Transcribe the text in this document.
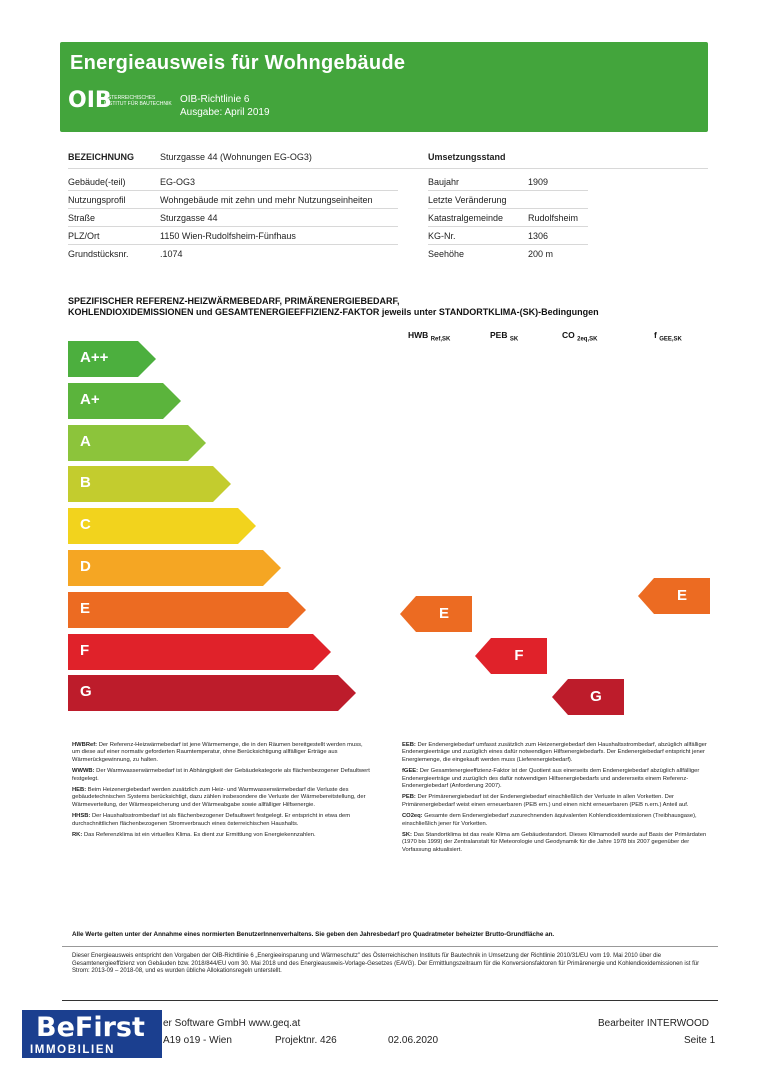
Energieausweis für Wohngebäude
OIB
ÖSTERREICHISCHES
INSTITUT FÜR BAUTECHNIK OIB-Richtlinie 6
Ausgabe: April 2019
BEZEICHNUNG	Sturzgasse 44 (Wohnungen EG-OG3)	Umsetzungsstand
Gebäude(-teil)	EG-OG3
Nutzungsprofil	Wohngebäude mit zehn und mehr Nutzungseinheiten
Straße	Sturzgasse 44
PLZ/Ort	1150 Wien-Rudolfsheim-Fünfhaus
Grundstücksnr.	.1074
Baujahr	1909
Letzte Veränderung
Katastralgemeinde	Rudolfsheim
KG-Nr.	1306
Seehöhe	200 m
SPEZIFISCHER REFERENZ-HEIZWÄRMEBEDARF, PRIMÄRENERGIEBEDARF,
KOHLENDIOXIDEMISSIONEN und GESAMTENERGIEEFFIZIENZ-FAKTOR jeweils unter STANDORTKLIMA-(SK)-Bedingungen
HWB $_{Ref,SK}$	PEB $_{SK}$	CO $_{2eq,SK}$	f $_{GEE,SK}$
A++
A+
A
B
C
D
E
F
G
E
F
G
E
HWBRef: Der Referenz-Heizwärmebedarf ist jene Wärmemenge, die in den Räumen bereitgestellt werden muss, um diese auf einer normativ geforderten Raumtemperatur, ohne Berücksichtigung allfälliger Erträge aus Wärmerückgewinnung, zu halten.
WWWB: Der Warmwasserwärmebedarf ist in Abhängigkeit der Gebäudekategorie als flächenbezogener Defaultwert festgelegt.
HEB: Beim Heizenergiebedarf werden zusätzlich zum Heiz- und Warmwasserwärmebedarf die Verluste des gebäudetechnischen Systems berücksichtigt, dazu zählen insbesondere die Verluste der Wärmebereitstellung, der Wärmeverteilung, der Wärmespeicherung und der Wärmeabgabe sowie allfälliger Hilfsenergie.
HHSB: Der Haushaltsstrombedarf ist als flächenbezogener Defaultwert festgelegt. Er entspricht in etwa dem durchschnittlichen flächenbezogenen Stromverbrauch eines österreichischen Haushalts.
RK: Das Referenzklima ist ein virtuelles Klima. Es dient zur Ermittlung von Energiekennzahlen.
EEB: Der Endenergiebedarf umfasst zusätzlich zum Heizenergiebedarf den Haushaltsstrombedarf, abzüglich allfälliger Endenergieerträge und zuzüglich eines dafür notwendigen Hilfsenergiebedarfs. Der Endenergiebedarf entspricht jener Energiemenge, die eingekauft werden muss (Lieferenergiebedarf).
fGEE: Der Gesamtenergieeffizienz-Faktor ist der Quotient aus einerseits dem Endenergiebedarf abzüglich allfälliger Endenergieerträge und zuzüglich des dafür notwendigen Hilfsenergiebedarfs und andererseits einem Referenz-Endenergiebedarf (Anforderung 2007).
PEB: Der Primärenergiebedarf ist der Endenergiebedarf einschließlich der Verluste in allen Vorketten. Der Primärenergiebedarf weist einen erneuerbaren (PEB ern.) und einen nicht erneuerbaren (PEB n.ern.) Anteil auf.
CO2eq: Gesamte dem Endenergiebedarf zuzurechnenden äquivalenten Kohlendioxidemissionen (Treibhausgase), einschließlich jener für Vorketten.
SK: Das Standortklima ist das reale Klima am Gebäudestandort. Dieses Klimamodell wurde auf Basis der Primärdaten (1970 bis 1999) der Zentralanstalt für Meteorologie und Geodynamik für die Jahre 1978 bis 2007 gegenüber der Vorfassung aktualisiert.
Alle Werte gelten unter der Annahme eines normierten BenutzerInnenverhaltens. Sie geben den Jahresbedarf pro Quadratmeter beheizter Brutto-Grundfläche an.
Dieser Energieausweis entspricht den Vorgaben der OIB-Richtlinie 6 „Energieeinsparung und Wärmeschutz" des Österreichischen Instituts für Bautechnik in Umsetzung der Richtlinie 2010/31/EU vom 19. Mai 2010 über die Gesamtenergieeffizienz von Gebäuden bzw. 2018/844/EU vom 30. Mai 2018 und des Energieausweis-Vorlage-Gesetzes (EAVG). Der Ermittlungszeitraum für die Konversionsfaktoren für Primärenergie und Kohlendioxidemissionen ist für Strom: 2013-09 – 2018-08, und es wurden übliche Allokationsregeln unterstellt.
BeFirst
IMMOBILIEN
er Software GmbH www.geq.at
A19 o19 - Wien	Projektnr. 426	02.06.2020
Bearbeiter INTERWOOD
Seite 1
